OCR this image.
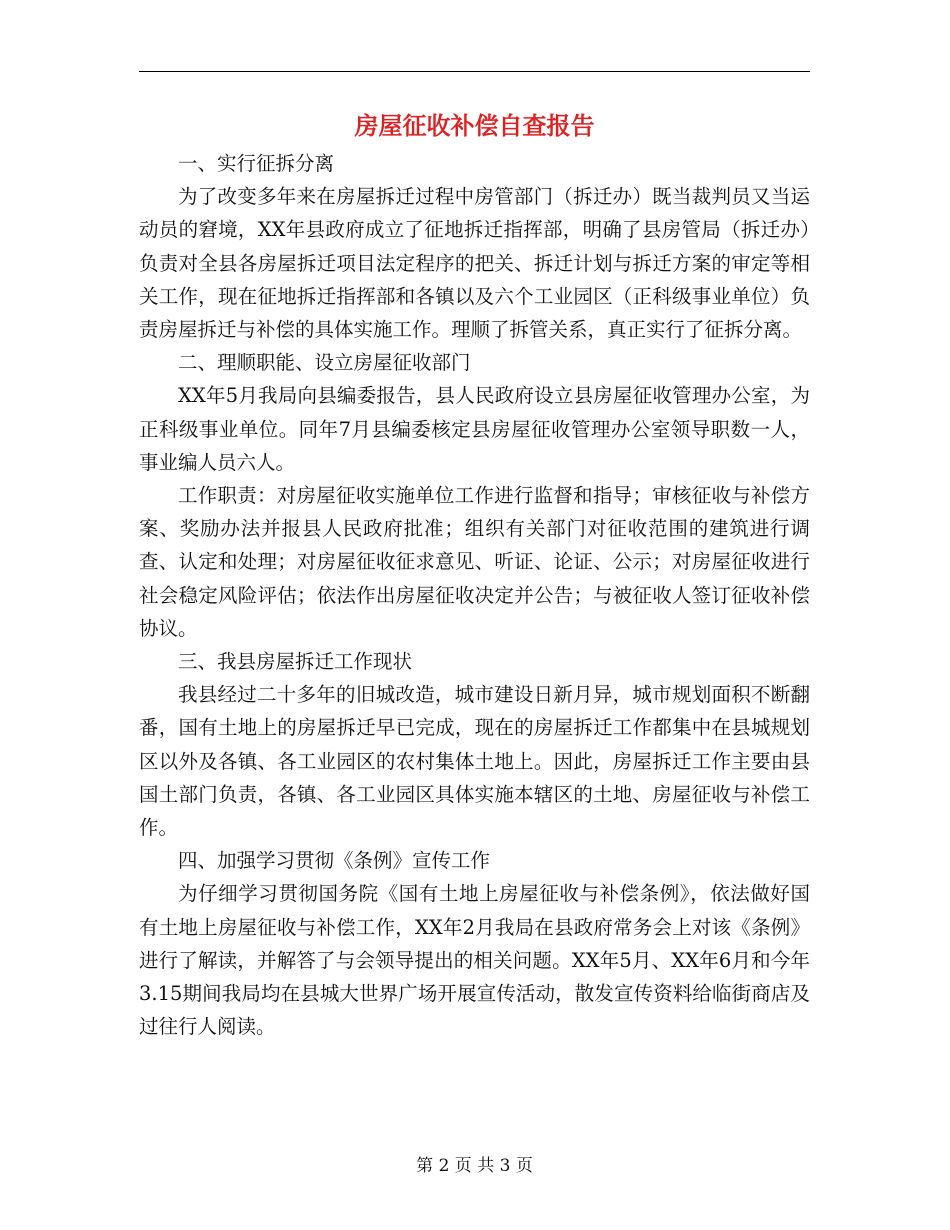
房屋征收补偿自查报告

一、实行征拆分离

为了改变多年来在房屋拆迁过程中房管部门（拆迁办）既当裁判员又当运动员的窘境，XX年县政府成立了征地拆迁指挥部，明确了县房管局（拆迁办）负责对全县各房屋拆迁项目法定程序的把关、拆迁计划与拆迁方案的审定等相关工作，现在征地拆迁指挥部和各镇以及六个工业园区（正科级事业单位）负责房屋拆迁与补偿的具体实施工作。理顺了拆管关系，真正实行了征拆分离。

二、理顺职能、设立房屋征收部门

XX年5月我局向县编委报告，县人民政府设立县房屋征收管理办公室，为正科级事业单位。同年7月县编委核定县房屋征收管理办公室领导职数一人，事业编人员六人。

工作职责：对房屋征收实施单位工作进行监督和指导；审核征收与补偿方案、奖励办法并报县人民政府批准；组织有关部门对征收范围的建筑进行调查、认定和处理；对房屋征收征求意见、听证、论证、公示；对房屋征收进行社会稳定风险评估；依法作出房屋征收决定并公告；与被征收人签订征收补偿协议。

三、我县房屋拆迁工作现状

我县经过二十多年的旧城改造，城市建设日新月异，城市规划面积不断翻番，国有土地上的房屋拆迁早已完成，现在的房屋拆迁工作都集中在县城规划区以外及各镇、各工业园区的农村集体土地上。因此，房屋拆迁工作主要由县国土部门负责，各镇、各工业园区具体实施本辖区的土地、房屋征收与补偿工作。

四、加强学习贯彻《条例》宣传工作

为仔细学习贯彻国务院《国有土地上房屋征收与补偿条例》，依法做好国有土地上房屋征收与补偿工作，XX年2月我局在县政府常务会上对该《条例》进行了解读，并解答了与会领导提出的相关问题。XX年5月、XX年6月和今年3.15期间我局均在县城大世界广场开展宣传活动，散发宣传资料给临街商店及过往行人阅读。

第 2 页 共 3 页
